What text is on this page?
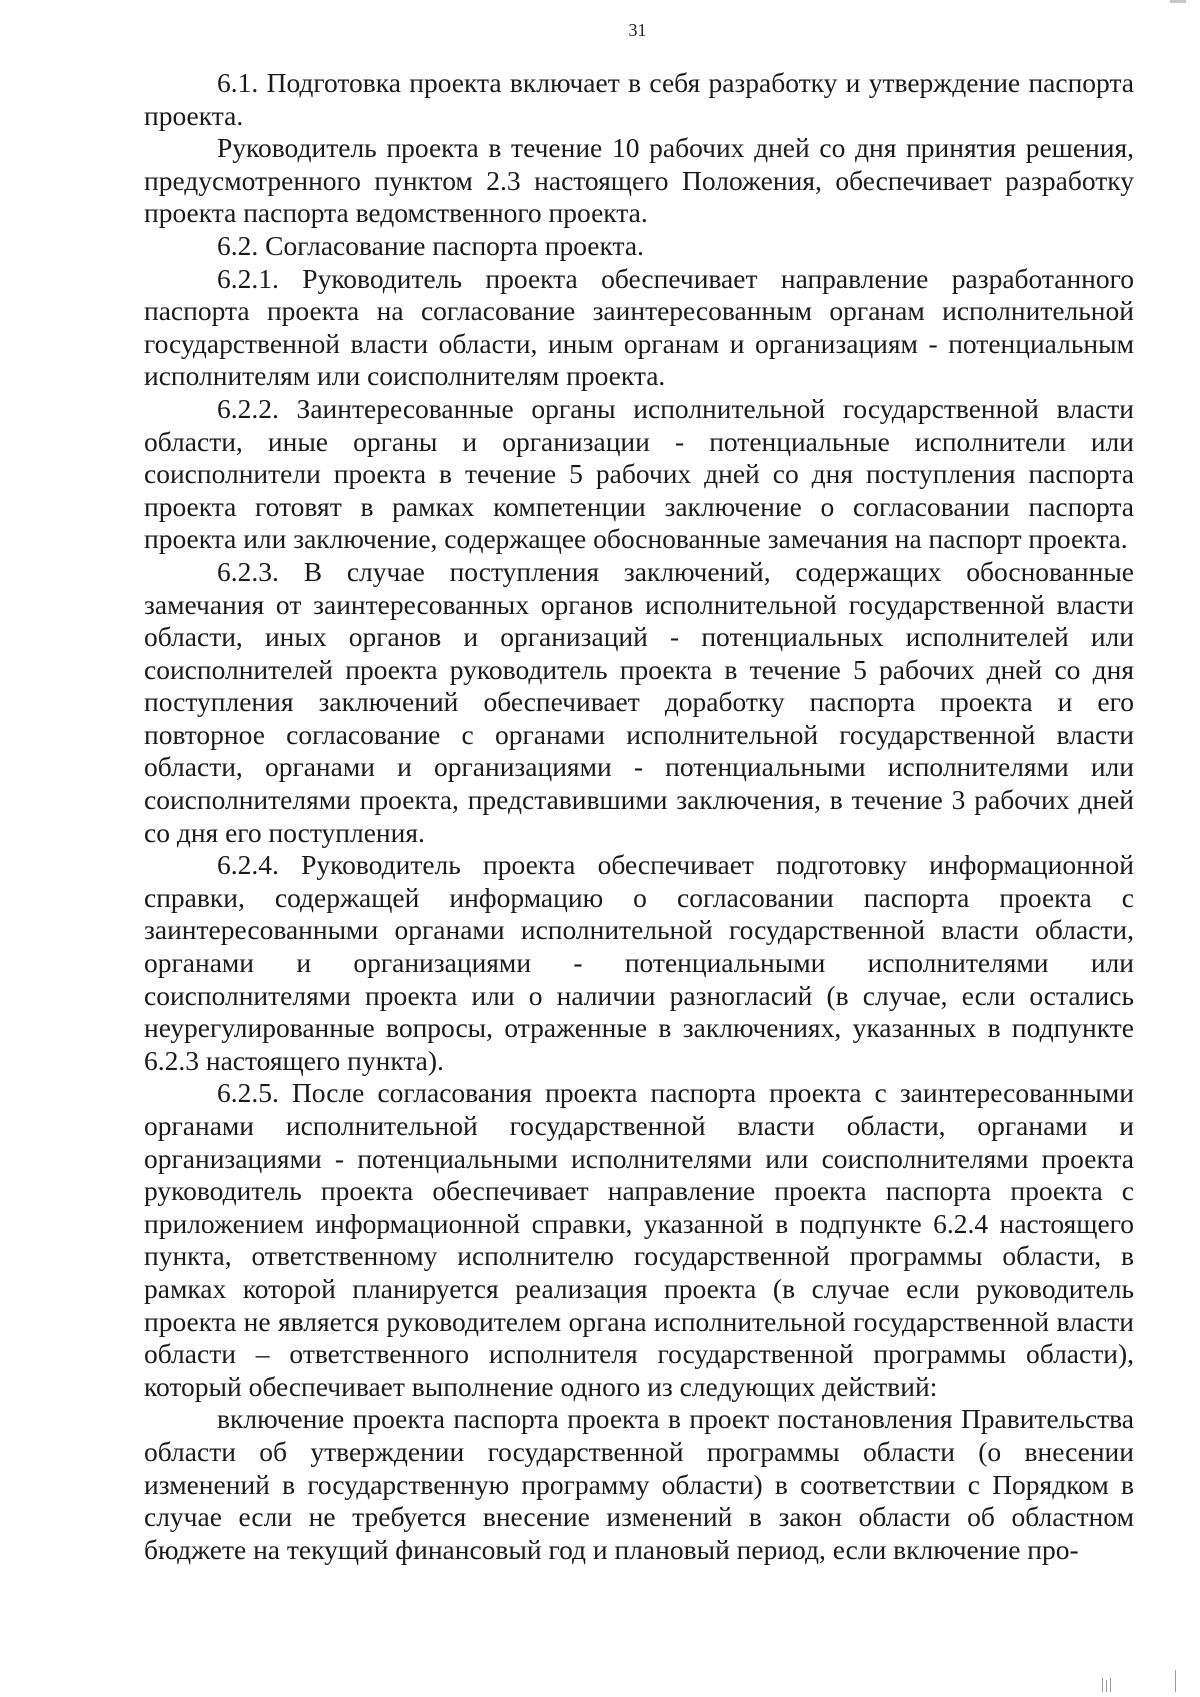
31

6.1. Подготовка проекта включает в себя разработку и утверждение паспорта проекта.

Руководитель проекта в течение 10 рабочих дней со дня принятия решения, предусмотренного пунктом 2.3 настоящего Положения, обеспечивает разработку проекта паспорта ведомственного проекта.

6.2. Согласование паспорта проекта.

6.2.1. Руководитель проекта обеспечивает направление разработанного паспорта проекта на согласование заинтересованным органам исполнительной государственной власти области, иным органам и организациям - потенциальным исполнителям или соисполнителям проекта.

6.2.2. Заинтересованные органы исполнительной государственной власти области, иные органы и организации - потенциальные исполнители или соисполнители проекта в течение 5 рабочих дней со дня поступления паспорта проекта готовят в рамках компетенции заключение о согласовании паспорта проекта или заключение, содержащее обоснованные замечания на паспорт проекта.

6.2.3. В случае поступления заключений, содержащих обоснованные замечания от заинтересованных органов исполнительной государственной власти области, иных органов и организаций - потенциальных исполнителей или соисполнителей проекта руководитель проекта в течение 5 рабочих дней со дня поступления заключений обеспечивает доработку паспорта проекта и его повторное согласование с органами исполнительной государственной власти области, органами и организациями - потенциальными исполнителями или соисполнителями проекта, представившими заключения, в течение 3 рабочих дней со дня его поступления.

6.2.4. Руководитель проекта обеспечивает подготовку информационной справки, содержащей информацию о согласовании паспорта проекта с заинтересованными органами исполнительной государственной власти области, органами и организациями - потенциальными исполнителями или соисполнителями проекта или о наличии разногласий (в случае, если остались неурегулированные вопросы, отраженные в заключениях, указанных в подпункте 6.2.3 настоящего пункта).

6.2.5. После согласования проекта паспорта проекта с заинтересованными органами исполнительной государственной власти области, органами и организациями - потенциальными исполнителями или соисполнителями проекта руководитель проекта обеспечивает направление проекта паспорта проекта с приложением информационной справки, указанной в подпункте 6.2.4 настоящего пункта, ответственному исполнителю государственной программы области, в рамках которой планируется реализация проекта (в случае если руководитель проекта не является руководителем органа исполнительной государственной власти области – ответственного исполнителя государственной программы области), который обеспечивает выполнение одного из следующих действий:

включение проекта паспорта проекта в проект постановления Правительства области об утверждении государственной программы области (о внесении изменений в государственную программу области) в соответствии с Порядком в случае если не требуется внесение изменений в закон области об областном бюджете на текущий финансовый год и плановый период, если включение про-
